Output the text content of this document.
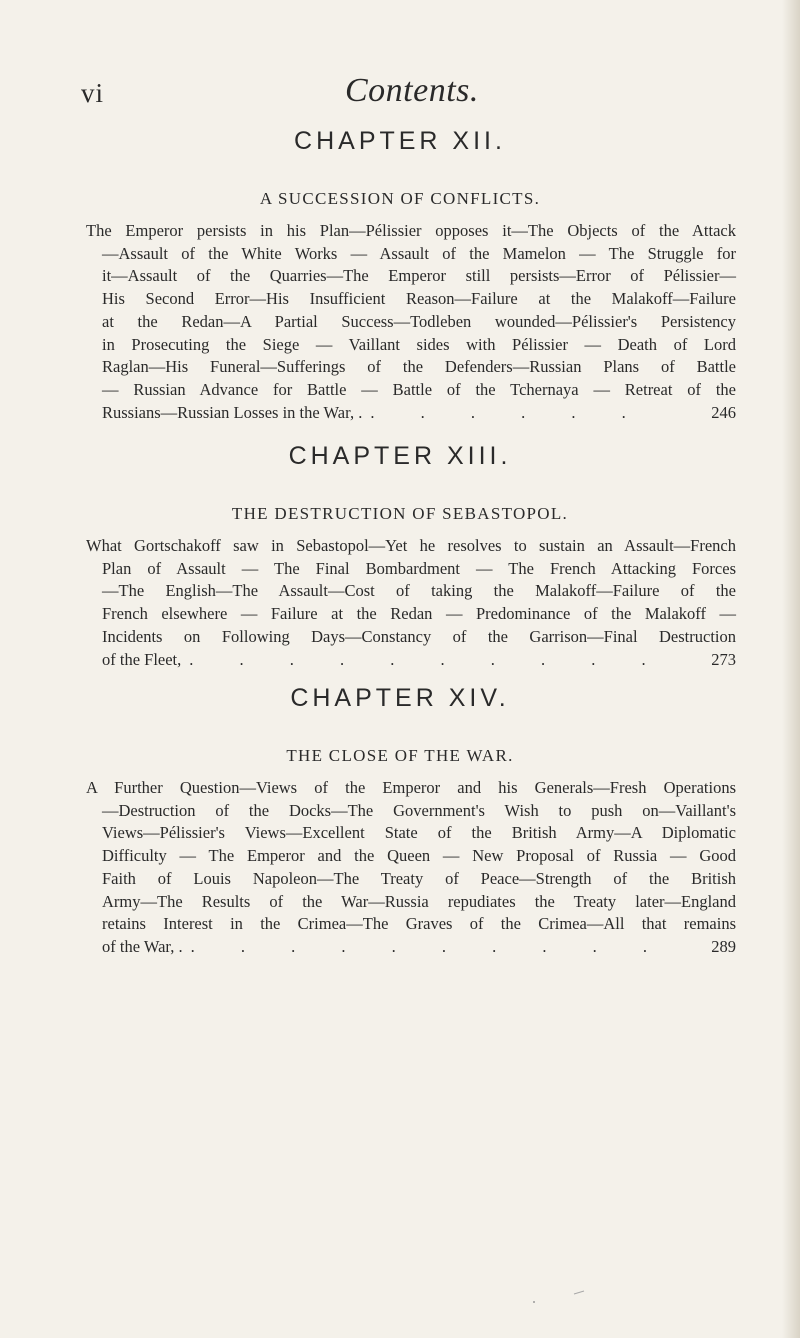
vi	Contents.
CHAPTER XII.
A SUCCESSION OF CONFLICTS.
The Emperor persists in his Plan—Pélissier opposes it—The Objects of the Attack
—Assault of the White Works — Assault of the Mamelon — The Struggle for
it—Assault of the Quarries—The Emperor still persists—Error of Pélissier—
His Second Error—His Insufficient Reason—Failure at the Malakoff—Failure
at the Redan—A Partial Success—Todleben wounded—Pélissier's Persistency
in Prosecuting the Siege — Vaillant sides with Pélissier — Death of Lord
Raglan—His Funeral—Sufferings of the Defenders—Russian Plans of Battle
— Russian Advance for Battle — Battle of the Tchernaya — Retreat of the
Russians—Russian Losses in the War, . . . . . . .	246
CHAPTER XIII.
THE DESTRUCTION OF SEBASTOPOL.
What Gortschakoff saw in Sebastopol—Yet he resolves to sustain an Assault—French
Plan of Assault — The Final Bombardment — The French Attacking Forces
—The English—The Assault—Cost of taking the Malakoff—Failure of the
French elsewhere — Failure at the Redan — Predominance of the Malakoff —
Incidents on Following Days—Constancy of the Garrison—Final Destruction
of the Fleet, . . . . . . . . . .	273
CHAPTER XIV.
THE CLOSE OF THE WAR.
A Further Question—Views of the Emperor and his Generals—Fresh Operations
—Destruction of the Docks—The Government's Wish to push on—Vaillant's
Views—Pélissier's Views—Excellent State of the British Army—A Diplomatic
Difficulty — The Emperor and the Queen — New Proposal of Russia — Good
Faith of Louis Napoleon—The Treaty of Peace—Strength of the British
Army—The Results of the War—Russia repudiates the Treaty later—England
retains Interest in the Crimea—The Graves of the Crimea—All that remains
of the War, . . . . . . . . . . .	289
